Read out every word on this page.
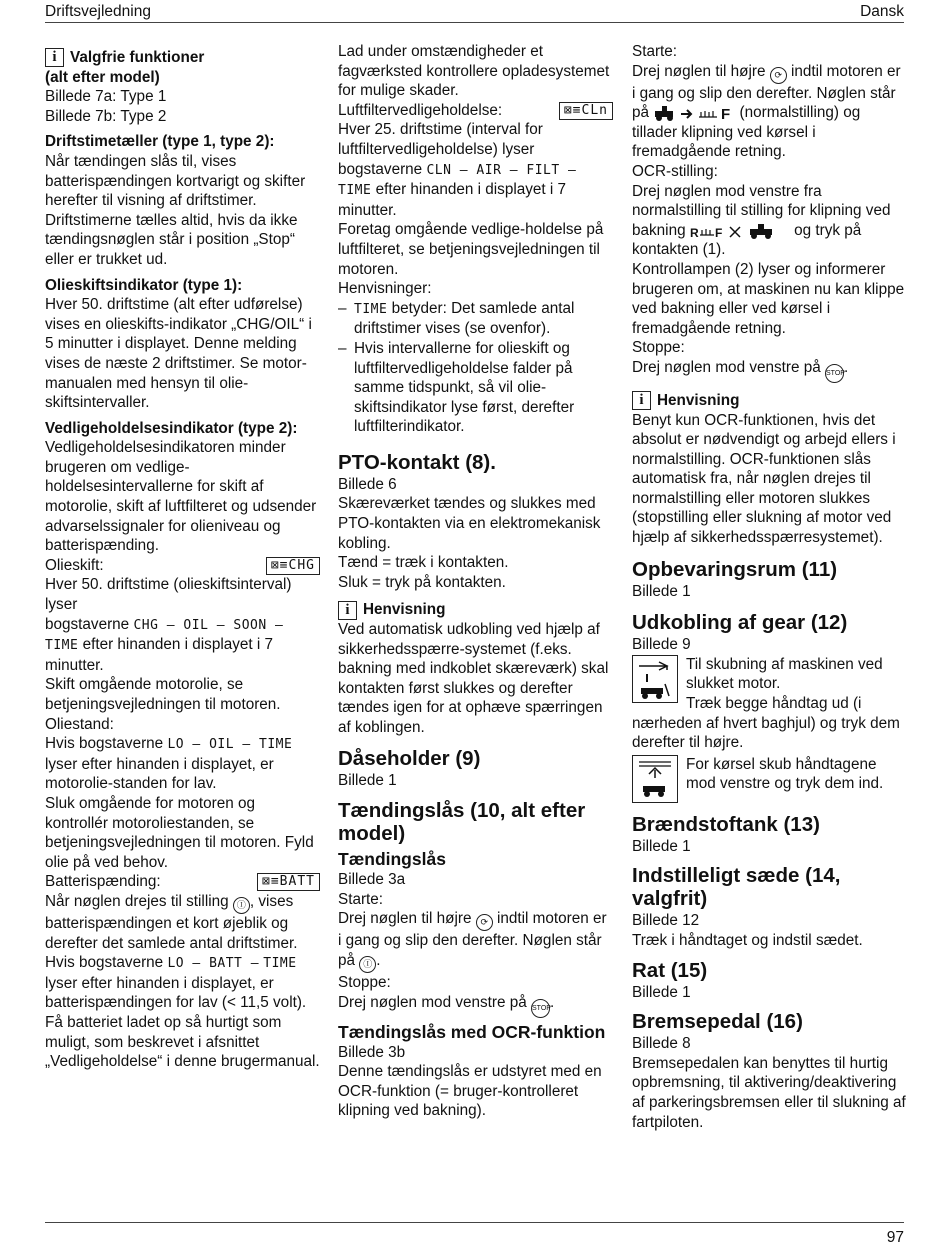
Driftsvejledning	Dansk
i Valgfrie funktioner

(alt efter model)

Billede 7a: Type 1

Billede 7b: Type 2

Driftstimetæller (type 1, type 2):

Når tændingen slås til, vises batterispændingen kortvarigt og skifter herefter til visning af driftstimer.

Driftstimerne tælles altid, hvis da ikke tændingsnøglen står i position „Stop“ eller er trukket ud.

Olieskiftsindikator (type 1):

Hver 50. driftstime (alt efter udførelse) vises en olieskifts-indikator „CHG/OIL“ i 5 minutter i displayet. Denne melding vises de næste 2 driftstimer. Se motor-manualen med hensyn til olie-skiftsintervaller.

Vedligeholdelsesindikator (type 2):

Vedligeholdelsesindikatoren minder brugeren om vedlige-holdelsesintervallerne for skift af motorolie, skift af luftfilteret og udsender advarselssignaler for olieniveau og batterispænding.

⊠≡CHG
Olieskift:

Hver 50. driftstime (olieskiftsinterval) lyser

bogstaverne CHG – OIL – SOON – TIME efter hinanden i displayet i 7 minutter.

Skift omgående motorolie, se betjeningsvejledningen til motoren.

Oliestand:

Hvis bogstaverne LO – OIL – TIME lyser efter hinanden i displayet, er motorolie-standen for lav.

Sluk omgående for motoren og kontrollér motoroliestanden, se betjeningsvejledningen til motoren. Fyld olie på ved behov.

⊠≡BATT
Batterispænding:

Når nøglen drejes til stilling Ⓘ , vises batterispændingen et kort øjeblik og derefter det samlede antal driftstimer.

Hvis bogstaverne LO – BATT – TIME lyser efter hinanden i displayet, er batterispændingen for lav (< 11,5 volt).

Få batteriet ladet op så hurtigt som muligt, som beskrevet i afsnittet „Vedligeholdelse“ i denne brugermanual.

Lad under omstændigheder et fagværksted kontrollere opladesystemet for mulige skader.

⊠≡CLn
Luftfiltervedligeholdelse:

Hver 25. driftstime (interval for luftfiltervedligeholdelse) lyser bogstaverne CLN – AIR – FILT – TIME efter hinanden i displayet i 7 minutter.

Foretag omgående vedlige-holdelse på luftfilteret, se betjeningsvejledningen til motoren.

Henvisninger:

– TIME betyder: Det samlede antal driftstimer vises (se ovenfor).
– Hvis intervallerne for olieskift og luftfiltervedligeholdelse falder på samme tidspunkt, så vil olie-skiftsindikator lyse først, derefter luftfilterindikator.

PTO-kontakt (8).

Billede 6

Skæreværket tændes og slukkes med PTO-kontakten via en elektromekanisk kobling.

Tænd = træk i kontakten.

Sluk = tryk på kontakten.

i Henvisning

Ved automatisk udkobling ved hjælp af sikkerhedsspærre-systemet (f.eks. bakning med indkoblet skæreværk) skal kontakten først slukkes og derefter tændes igen for at ophæve spærringen af koblingen.

Dåseholder (9)

Billede 1

Tændingslås (10, alt efter model)

Tændingslås

Billede 3a

Starte:

Drej nøglen til højre ⟳ indtil motoren er i gang og slip den derefter. Nøglen står på Ⓘ .

Stoppe:

Drej nøglen mod venstre på STOP.

Tændingslås med OCR-funktion

Billede 3b

Denne tændingslås er udstyret med en OCR-funktion (= bruger-kontrolleret klipning ved bakning).

Starte:

Drej nøglen til højre ⟳ indtil motoren er i gang og slip den derefter. Nøglen står på	F (normalstilling) og tillader klipning ved kørsel i fremadgående retning.

OCR-stilling:

Drej nøglen mod venstre fra normalstilling til stilling for klipning ved bakning R F	og tryk på kontakten (1).

Kontrollampen (2) lyser og informerer brugeren om, at maskinen nu kan klippe ved bakning eller ved kørsel i fremadgående retning.

Stoppe:

Drej nøglen mod venstre på STOP.

i Henvisning

Benyt kun OCR-funktionen, hvis det absolut er nødvendigt og arbejd ellers i normalstilling. OCR-funktionen slås automatisk fra, når nøglen drejes til normalstilling eller motoren slukkes (stopstilling eller slukning af motor ved hjælp af sikkerhedsspærresystemet).

Opbevaringsrum (11)

Billede 1

Udkobling af gear (12)

Billede 9

Til skubning af maskinen ved slukket motor.

Træk begge håndtag ud (i nærheden af hvert baghjul) og tryk dem derefter til højre.

For kørsel skub håndtagene mod venstre og tryk dem ind.

Brændstoftank (13)

Billede 1

Indstilleligt sæde (14, valgfrit)

Billede 12

Træk i håndtaget og indstil sædet.

Rat (15)

Billede 1

Bremsepedal (16)

Billede 8

Bremsepedalen kan benyttes til hurtig opbremsning, til aktivering/deaktivering af parkeringsbremsen eller til slukning af fartpiloten.

97
